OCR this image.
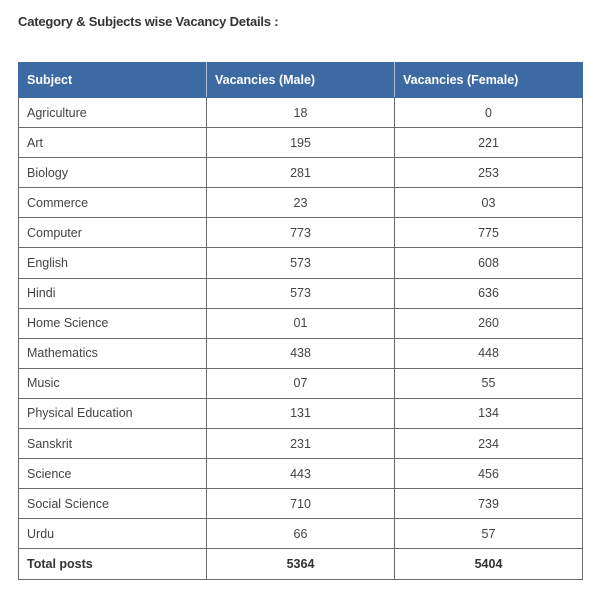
Category & Subjects wise Vacancy Details :
Subject	Vacancies (Male)	Vacancies (Female)
Agriculture	18	0
Art	195	221
Biology	281	253
Commerce	23	03
Computer	773	775
English	573	608
Hindi	573	636
Home Science	01	260
Mathematics	438	448
Music	07	55
Physical Education	131	134
Sanskrit	231	234
Science	443	456
Social Science	710	739
Urdu	66	57
Total posts	5364	5404
